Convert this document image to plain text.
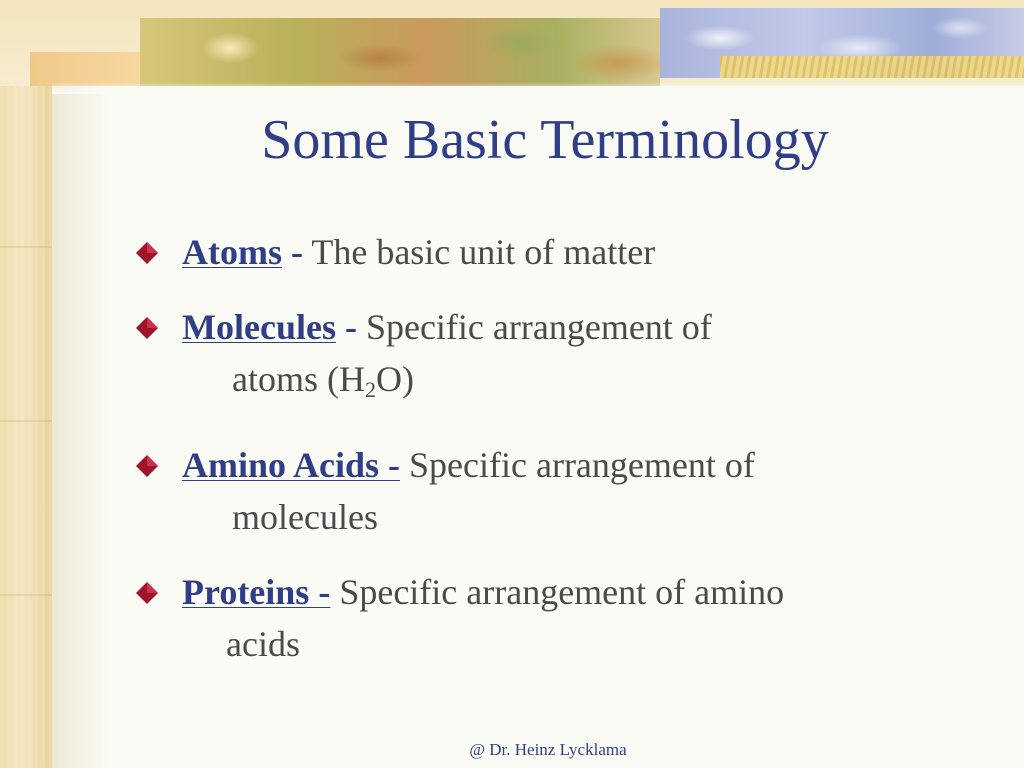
Some Basic Terminology
Atoms - The basic unit of matter
Molecules - Specific arrangement of
atoms $(H_2O)$
Amino Acids - Specific arrangement of
molecules
Proteins - Specific arrangement of amino
acids
@ Dr. Heinz Lycklama
